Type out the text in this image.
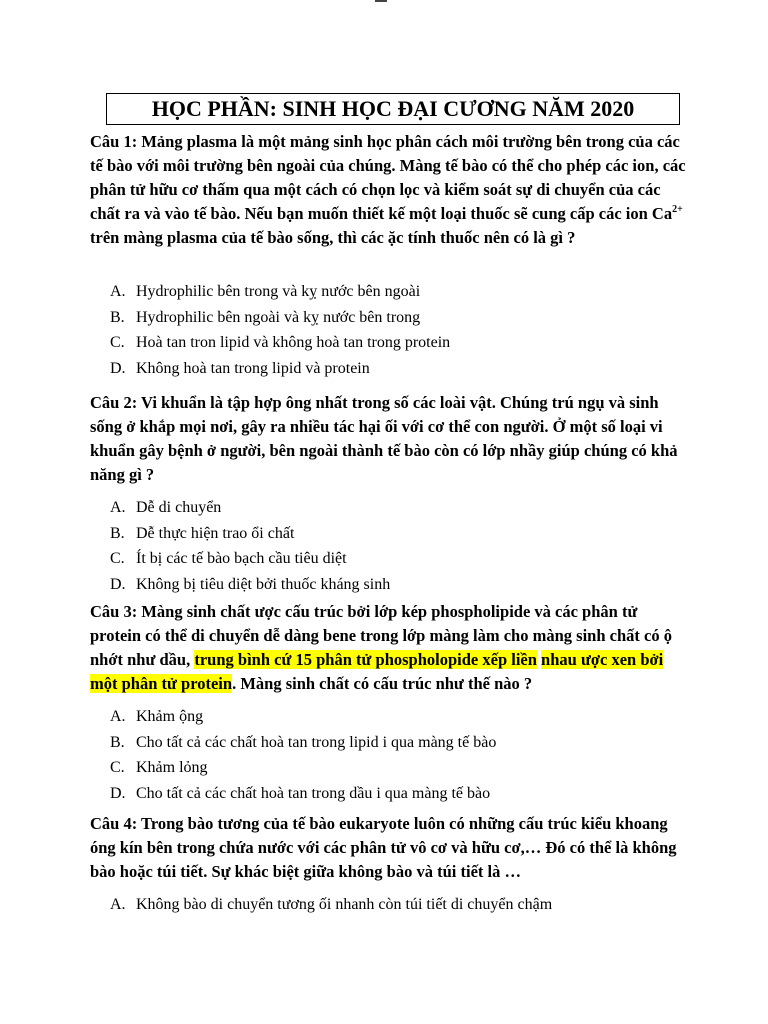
HỌC PHẦN: SINH HỌC ĐẠI CƯƠNG NĂM 2020

Câu 1: Mảng plasma là một mảng sinh học phân cách môi trường bên trong của các tế bào với môi trường bên ngoài của chúng. Màng tế bào có thể cho phép các ion, các phân tử hữu cơ thấm qua một cách có chọn lọc và kiểm soát sự di chuyển của các chất ra và vào tế bào. Nếu bạn muốn thiết kế một loại thuốc sẽ cung cấp các ion $Ca^{2+}$ trên màng plasma của tế bào sống, thì các ặc tính thuốc nên có là gì ?

A. Hydrophilic bên trong và kỵ nước bên ngoài
B. Hydrophilic bên ngoài và kỵ nước bên trong
C. Hoà tan tron lipid và không hoà tan trong protein
D. Không hoà tan trong lipid và protein

Câu 2: Vi khuẩn là tập hợp ông nhất trong số các loài vật. Chúng trú ngụ và sinh sống ở khắp mọi nơi, gây ra nhiều tác hại ối với cơ thể con người. Ở một số loại vi khuẩn gây bệnh ở người, bên ngoài thành tế bào còn có lớp nhầy giúp chúng có khả năng gì ?

A. Dễ di chuyển
B. Dễ thực hiện trao ổi chất
C. Ít bị các tế bào bạch cầu tiêu diệt
D. Không bị tiêu diệt bởi thuốc kháng sinh

Câu 3: Màng sinh chất ược cấu trúc bởi lớp kép phospholipide và các phân tử protein có thể di chuyển dễ dàng bene trong lớp màng làm cho màng sinh chất có ộ nhớt như dầu, trung bình cứ 15 phân tử phospholopide xếp liền nhau ược xen bởi một phân tử protein. Màng sinh chất có cấu trúc như thế nào ?

A. Khảm ộng
B. Cho tất cả các chất hoà tan trong lipid i qua màng tế bào
C. Khảm lỏng
D. Cho tất cả các chất hoà tan trong dầu i qua màng tế bào

Câu 4: Trong bào tương của tế bào eukaryote luôn có những cấu trúc kiểu khoang óng kín bên trong chứa nước với các phân tử vô cơ và hữu cơ,… Đó có thể là không bào hoặc túi tiết. Sự khác biệt giữa không bào và túi tiết là …

A. Không bào di chuyển tương ối nhanh còn túi tiết di chuyển chậm
